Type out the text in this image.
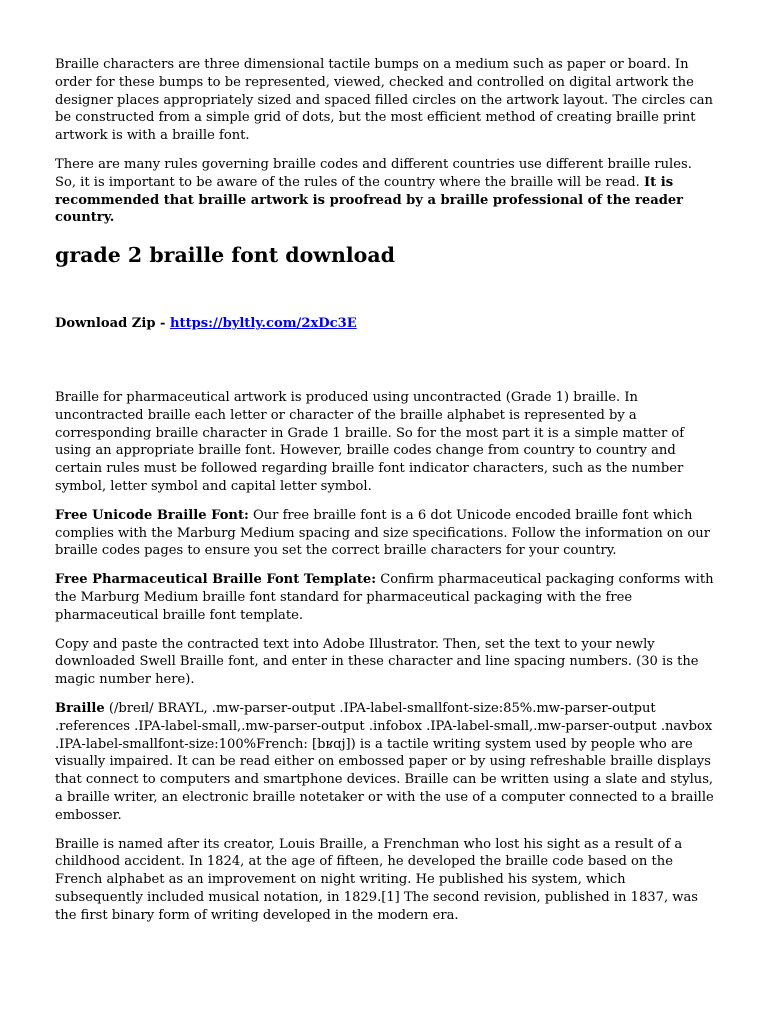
Braille characters are three dimensional tactile bumps on a medium such as paper or board. In order for these bumps to be represented, viewed, checked and controlled on digital artwork the designer places appropriately sized and spaced filled circles on the artwork layout. The circles can be constructed from a simple grid of dots, but the most efficient method of creating braille print artwork is with a braille font.

There are many rules governing braille codes and different countries use different braille rules. So, it is important to be aware of the rules of the country where the braille will be read. It is recommended that braille artwork is proofread by a braille professional of the reader country.

grade 2 braille font download

Download Zip - https://byltly.com/2xDc3E

Braille for pharmaceutical artwork is produced using uncontracted (Grade 1) braille. In uncontracted braille each letter or character of the braille alphabet is represented by a corresponding braille character in Grade 1 braille. So for the most part it is a simple matter of using an appropriate braille font. However, braille codes change from country to country and certain rules must be followed regarding braille font indicator characters, such as the number symbol, letter symbol and capital letter symbol.

Free Unicode Braille Font: Our free braille font is a 6 dot Unicode encoded braille font which complies with the Marburg Medium spacing and size specifications. Follow the information on our braille codes pages to ensure you set the correct braille characters for your country.

Free Pharmaceutical Braille Font Template: Confirm pharmaceutical packaging conforms with the Marburg Medium braille font standard for pharmaceutical packaging with the free pharmaceutical braille font template.

Copy and paste the contracted text into Adobe Illustrator. Then, set the text to your newly downloaded Swell Braille font, and enter in these character and line spacing numbers. (30 is the magic number here).

Braille (/breɪl/ BRAYL, .mw-parser-output .IPA-label-smallfont-size:85%.mw-parser-output .references .IPA-label-small,.mw-parser-output .infobox .IPA-label-small,.mw-parser-output .navbox .IPA-label-smallfont-size:100%French: [bʁɑj]) is a tactile writing system used by people who are visually impaired. It can be read either on embossed paper or by using refreshable braille displays that connect to computers and smartphone devices. Braille can be written using a slate and stylus, a braille writer, an electronic braille notetaker or with the use of a computer connected to a braille embosser.

Braille is named after its creator, Louis Braille, a Frenchman who lost his sight as a result of a childhood accident. In 1824, at the age of fifteen, he developed the braille code based on the French alphabet as an improvement on night writing. He published his system, which subsequently included musical notation, in 1829.[1] The second revision, published in 1837, was the first binary form of writing developed in the modern era.
